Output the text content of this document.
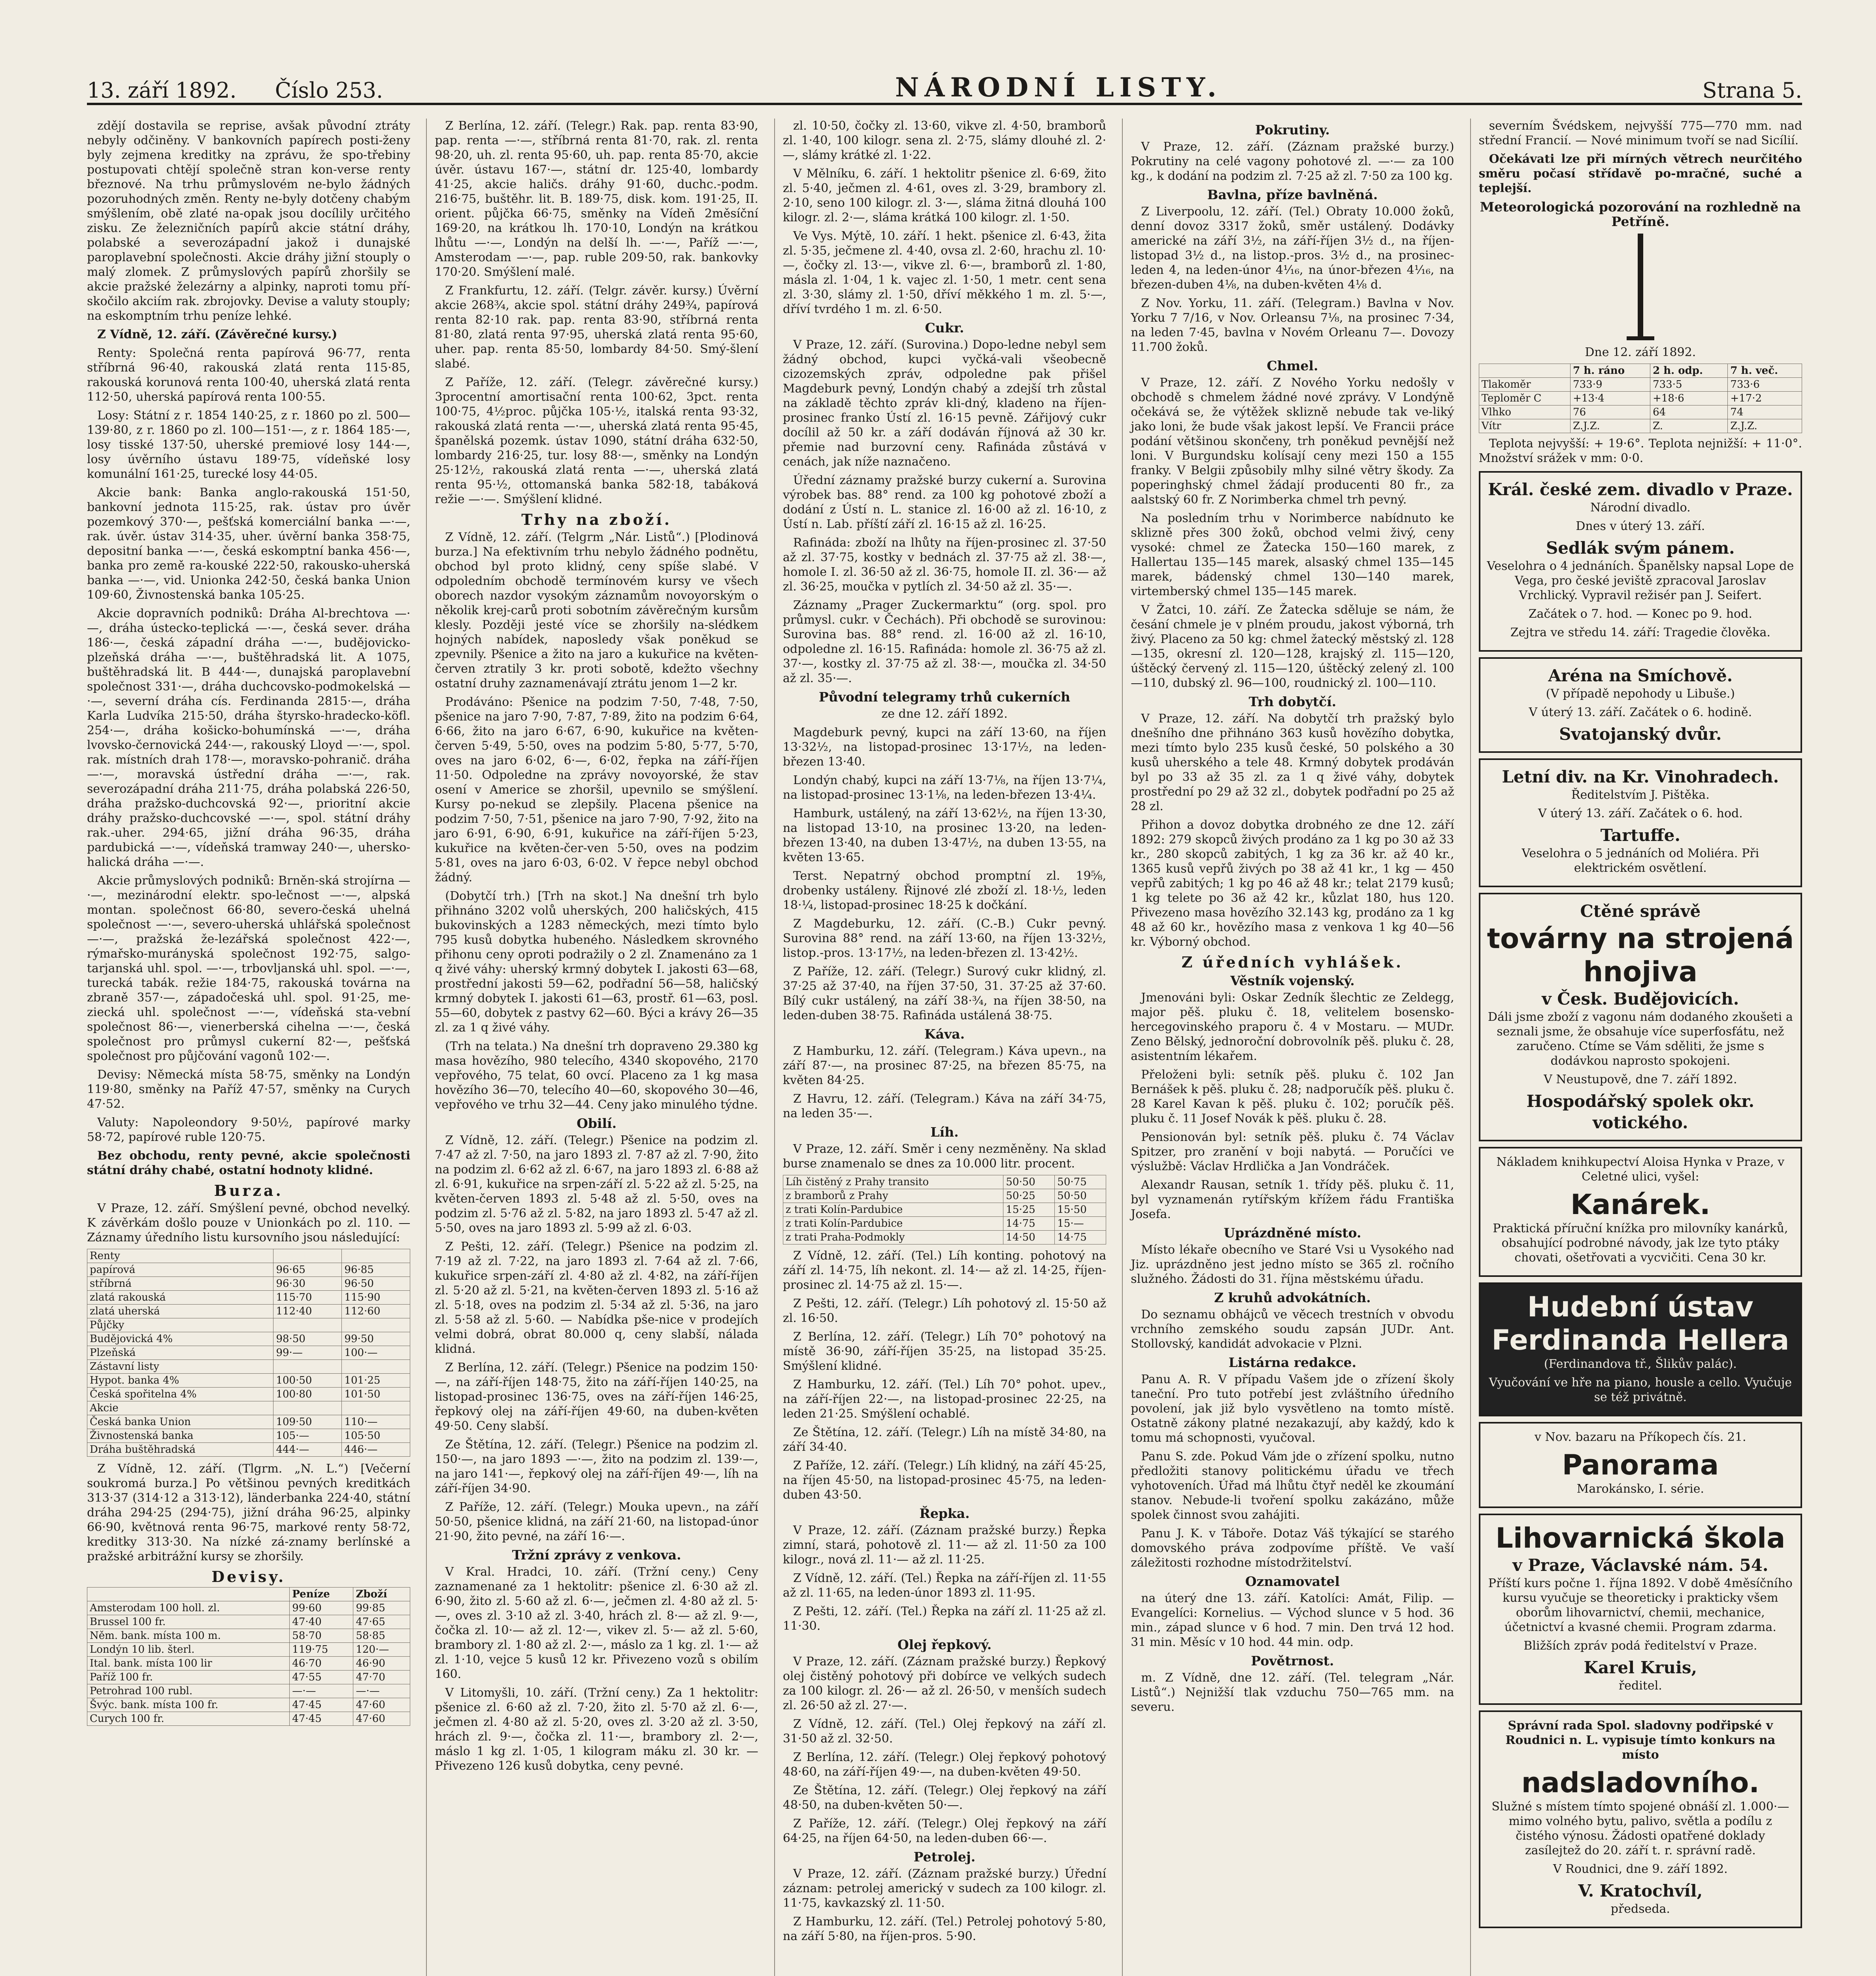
13. září 1892. Číslo 253.	NÁRODNÍ LISTY.	Strana 5.

zdějí dostavila se reprise, avšak původní ztráty nebyly odčiněny. V bankovních papírech posti-ženy byly zejmena kreditky na zprávu, že spo-třebiny postupovati chtějí společně stran kon-verse renty březnové. Na trhu průmyslovém ne-bylo žádných pozoruhodných změn. Renty ne-byly dotčeny chabým smýšlením, obě zlaté na-opak jsou docílily určitého zisku. Ze železničních papírů akcie státní dráhy, polabské a severozápadní jakož i dunajské paroplavební společnosti. Akcie dráhy jižní stouply o malý zlomek. Z průmyslových papírů zhoršily se akcie pražské železárny a alpinky, naproti tomu pří-skočilo akciím rak. zbrojovky. Devise a valuty stouply; na eskomptním trhu peníze lehké.

Z Vídně, 12. září. (Závěrečné kursy.)

Renty: Společná renta papírová 96·77, renta stříbrná 96·40, rakouská zlatá renta 115·85, rakouská korunová renta 100·40, uherská zlatá renta 112·50, uherská papírová renta 100·55.

Losy: Státní z r. 1854 140·25, z r. 1860 po zl. 500—139·80, z r. 1860 po zl. 100—151·—, z r. 1864 185·—, losy tisské 137·50, uherské premiové losy 144·—, losy úvěrního ústavu 189·75, vídeňské losy komunální 161·25, turecké losy 44·05.

Akcie bank: Banka anglo-rakouská 151·50, bankovní jednota 115·25, rak. ústav pro úvěr pozemkový 370·—, pešťská komerciální banka —·—, rak. úvěr. ústav 314·35, uher. úvěrní banka 358·75, depositní banka —·—, česká eskomptní banka 456·—, banka pro země ra-kouské 222·50, rakousko-uherská banka —·—, vid. Unionka 242·50, česká banka Union 109·60, Živnostenská banka 105·25.

Akcie dopravních podniků: Dráha Al-brechtova —·—, dráha ústecko-teplická —·—, česká sever. dráha 186·—, česká západní dráha —·—, budějovicko-plzeňská dráha —·—, buštěhradská lit. A 1075, buštěhradská lit. B 444·—, dunajská paroplavební společnost 331·—, dráha duchcovsko-podmokelská —·—, severní dráha cís. Ferdinanda 2815·—, dráha Karla Ludvíka 215·50, dráha štyrsko-hradecko-köfl. 254·—, dráha košicko-bohumínská —·—, dráha lvovsko-černovická 244·—, rakouský Lloyd —·—, spol. rak. místních drah 178·—, moravsko-pohranič. dráha —·—, moravská ústřední dráha —·—, rak. severozápadní dráha 211·75, dráha polabská 226·50, dráha pražsko-duchcovská 92·—, prioritní akcie dráhy pražsko-duchcovské —·—, spol. státní dráhy rak.-uher. 294·65, jižní dráha 96·35, dráha pardubická —·—, vídeňská tramway 240·—, uhersko-halická dráha —·—.

Akcie průmyslových podniků: Brněn-ská strojírna —·—, mezinárodní elektr. spo-lečnost —·—, alpská montan. společnost 66·80, severo-česká uhelná společnost —·—, severo-uherská uhlářská společnost —·—, pražská že-lezářská společnost 422·—, rýmařsko-murányská společnost 192·75, salgo-tarjanská uhl. spol. —·—, trbovljanská uhl. spol. —·—, turecká tabák. režie 184·75, rakouská továrna na zbraně 357·—, západočeská uhl. spol. 91·25, me-ziecká uhl. společnost —·—, vídeňská sta-vební společnost 86·—, vienerberská cihelna —·—, česká společnost pro průmysl cukerní 82·—, pešťská společnost pro půjčování vagonů 102·—.

Devisy: Německá místa 58·75, směnky na Londýn 119·80, směnky na Paříž 47·57, směnky na Curych 47·52.

Valuty: Napoleondory 9·50½, papírové marky 58·72, papírové ruble 120·75.

Bez obchodu, renty pevné, akcie společnosti státní dráhy chabé, ostatní hodnoty klidné.

Burza.

V Praze, 12. září. Smýšlení pevné, obchod nevelký. K závěrkám došlo pouze v Unionkách po zl. 110. — Záznamy úředního listu kursovního jsou následující:

Renty		
papírová	96·65	96·85
stříbrná	96·30	96·50
zlatá rakouská	115·70	115·90
zlatá uherská	112·40	112·60
Půjčky		
Budějovická 4%	98·50	99·50
Plzeňská	99·—	100·—
Zástavní listy		
Hypot. banka 4%	100·50	101·25
Česká spořitelna 4%	100·80	101·50
Akcie		
Česká banka Union	109·50	110·—
Živnostenská banka	105·—	105·50
Dráha buštěhradská	444·—	446·—

Z Vídně, 12. září. (Tlgrm. „N. L.“) [Večerní soukromá burza.] Po většinou pevných kreditkách 313·37 (314·12 a 313·12), länderbanka 224·40, státní dráha 294·25 (294·75), jižní dráha 96·25, alpinky 66·90, květnová renta 96·75, markové renty 58·72, kreditky 313·30. Na nízké zá-znamy berlínské a pražské arbitrážní kursy se zhoršily.

Devisy.
	Peníze	Zboží
Amsterodam 100 holl. zl.	99·60	99·85
Brussel 100 fr.	47·40	47·65
Něm. bank. místa 100 m.	58·70	58·85
Londýn 10 lib. šterl.	119·75	120·—
Ital. bank. místa 100 lir	46·70	46·90
Paříž 100 fr.	47·55	47·70
Petrohrad 100 rubl.	—·—	—·—
Švýc. bank. místa 100 fr.	47·45	47·60
Curych 100 fr.	47·45	47·60

Z Berlína, 12. září. (Telegr.) Rak. pap. renta 83·90, pap. renta —·—, stříbrná renta 81·70, rak. zl. renta 98·20, uh. zl. renta 95·60, uh. pap. renta 85·70, akcie úvěr. ústavu 167·—, státní dr. 125·40, lombardy 41·25, akcie haličs. dráhy 91·60, duchc.-podm. 216·75, buštěhr. lit. B. 189·75, disk. kom. 191·25, II. orient. půjčka 66·75, směnky na Vídeň 2měsíční 169·20, na krátkou lh. 170·10, Londýn na krátkou lhůtu —·—, Londýn na delší lh. —·—, Paříž —·—, Amsterodam —·—, pap. ruble 209·50, rak. bankovky 170·20. Smýšlení malé.

Z Frankfurtu, 12. září. (Telgr. závěr. kursy.) Úvěrní akcie 268¾, akcie spol. státní dráhy 249¾, papírová renta 82·10 rak. pap. renta 83·90, stříbrná renta 81·80, zlatá renta 97·95, uherská zlatá renta 95·60, uher. pap. renta 85·50, lombardy 84·50. Smý-šlení slabé.

Z Paříže, 12. září. (Telegr. závěrečné kursy.) 3procentní amortisační renta 100·62, 3pct. renta 100·75, 4½proc. půjčka 105·½, italská renta 93·32, rakouská zlatá renta —·—, uherská zlatá renta 95·45, španělská pozemk. ústav 1090, státní dráha 632·50, lombardy 216·25, tur. losy 88·—, směnky na Londýn 25·12½, rakouská zlatá renta —·—, uherská zlatá renta 95·½, ottomanská banka 582·18, tabáková režie —·—. Smýšlení klidné.

Trhy na zboží.

Z Vídně, 12. září. (Telgrm „Nár. Listů“.) [Plodinová burza.] Na efektivním trhu nebylo žádného podnětu, obchod byl proto klidný, ceny spíše slabé. V odpoledním obchodě termínovém kursy ve všech oborech nazdor vysokým záznamům novoyorským o několik krej-carů proti sobotním závěrečným kursům klesly. Později jesté více se zhoršily na-slédkem hojných nabídek, naposledy však poněkud se zpevnily. Pšenice a žito na jaro a kukuřice na květen-červen ztratily 3 kr. proti sobotě, kdežto všechny ostatní druhy zaznamenávají ztrátu jenom 1—2 kr.

Prodáváno: Pšenice na podzim 7·50, 7·48, 7·50, pšenice na jaro 7·90, 7·87, 7·89, žito na podzim 6·64, 6·66, žito na jaro 6·67, 6·90, kukuřice na květen-červen 5·49, 5·50, oves na podzim 5·80, 5·77, 5·70, oves na jaro 6·02, 6·—, 6·02, řepka na září-říjen 11·50. Odpoledne na zprávy novoyorské, že stav osení v Americe se zhoršil, upevnilo se smýšlení. Kursy po-nekud se zlepšily. Placena pšenice na podzim 7·50, 7·51, pšenice na jaro 7·90, 7·92, žito na jaro 6·91, 6·90, 6·91, kukuřice na září-říjen 5·23, kukuřice na květen-čer-ven 5·50, oves na podzim 5·81, oves na jaro 6·03, 6·02. V řepce nebyl obchod žádný.

(Dobytčí trh.) [Trh na skot.] Na dnešní trh bylo přihnáno 3202 volů uherských, 200 haličských, 415 bukovinských a 1283 německých, mezi tímto bylo 795 kusů dobytka hubeného. Následkem skrovného přihonu ceny oproti podražily o 2 zl. Znamenáno za 1 q živé váhy: uherský krmný dobytek I. jakosti 63—68, prostřední jakosti 59—62, podřadní 56—58, haličský krmný dobytek I. jakosti 61—63, prostř. 61—63, posl. 55—60, dobytek z pastvy 62—60. Býci a krávy 26—35 zl. za 1 q živé váhy.

(Trh na telata.) Na dnešní trh dopraveno 29.380 kg masa hovězího, 980 telecího, 4340 skopového, 2170 vepřového, 75 telat, 60 ovcí. Placeno za 1 kg masa hovězího 36—70, telecího 40—60, skopového 30—46, vepřového ve trhu 32—44. Ceny jako minulého týdne.

Obilí.

Z Vídně, 12. září. (Telegr.) Pšenice na podzim zl. 7·47 až zl. 7·50, na jaro 1893 zl. 7·87 až zl. 7·90, žito na podzim zl. 6·62 až zl. 6·67, na jaro 1893 zl. 6·88 až zl. 6·91, kukuřice na srpen-září zl. 5·22 až zl. 5·25, na květen-červen 1893 zl. 5·48 až zl. 5·50, oves na podzim zl. 5·76 až zl. 5·82, na jaro 1893 zl. 5·47 až zl. 5·50, oves na jaro 1893 zl. 5·99 až zl. 6·03.

Z Pešti, 12. září. (Telegr.) Pšenice na podzim zl. 7·19 až zl. 7·22, na jaro 1893 zl. 7·64 až zl. 7·66, kukuřice srpen-září zl. 4·80 až zl. 4·82, na září-říjen zl. 5·20 až zl. 5·21, na květen-červen 1893 zl. 5·16 až zl. 5·18, oves na podzim zl. 5·34 až zl. 5·36, na jaro zl. 5·58 až zl. 5·60. — Nabídka pše-nice v prodejích velmi dobrá, obrat 80.000 q, ceny slabší, nálada klidná.

Z Berlína, 12. září. (Telegr.) Pšenice na podzim 150·—, na září-říjen 148·75, žito na září-říjen 140·25, na listopad-prosinec 136·75, oves na září-říjen 146·25, řepkový olej na září-říjen 49·60, na duben-květen 49·50. Ceny slabší.

Ze Štětína, 12. září. (Telegr.) Pšenice na podzim zl. 150·—, na jaro 1893 —·—, žito na podzim zl. 139·—, na jaro 141·—, řepkový olej na září-říjen 49·—, líh na září-říjen 34·90.

Z Paříže, 12. září. (Telegr.) Mouka upevn., na září 50·50, pšenice klidná, na září 21·60, na listopad-únor 21·90, žito pevné, na září 16·—.

Tržní zprávy z venkova.

V Kral. Hradci, 10. září. (Tržní ceny.) Ceny zaznamenané za 1 hektolitr: pšenice zl. 6·30 až zl. 6·90, žito zl. 5·60 až zl. 6·—, ječmen zl. 4·80 až zl. 5·—, oves zl. 3·10 až zl. 3·40, hrách zl. 8·— až zl. 9·—, čočka zl. 10·— až zl. 12·—, vikev zl. 5·— až zl. 5·60, brambory zl. 1·80 až zl. 2·—, máslo za 1 kg. zl. 1·— až zl. 1·10, vejce 5 kusů 12 kr. Přivezeno vozů s obilím 160.

V Litomyšli, 10. září. (Tržní ceny.) Za 1 hektolitr: pšenice zl. 6·60 až zl. 7·20, žito zl. 5·70 až zl. 6·—, ječmen zl. 4·80 až zl. 5·20, oves zl. 3·20 až zl. 3·50, hrách zl. 9·—, čočka zl. 11·—, brambory zl. 2·—, máslo 1 kg zl. 1·05, 1 kilogram máku zl. 30 kr. — Přivezeno 126 kusů dobytka, ceny pevné.

zl. 10·50, čočky zl. 13·60, vikve zl. 4·50, bramborů zl. 1·40, 100 kilogr. sena zl. 2·75, slámy dlouhé zl. 2·—, slámy krátké zl. 1·22.

V Mělníku, 6. září. 1 hektolitr pšenice zl. 6·69, žito zl. 5·40, ječmen zl. 4·61, oves zl. 3·29, brambory zl. 2·10, seno 100 kilogr. zl. 3·—, sláma žitná dlouhá 100 kilogr. zl. 2·—, sláma krátká 100 kilogr. zl. 1·50.

Ve Vys. Mýtě, 10. září. 1 hekt. pšenice zl. 6·43, žita zl. 5·35, ječmene zl. 4·40, ovsa zl. 2·60, hrachu zl. 10·—, čočky zl. 13·—, vikve zl. 6·—, bramborů zl. 1·80, másla zl. 1·04, 1 k. vajec zl. 1·50, 1 metr. cent sena zl. 3·30, slámy zl. 1·50, dříví měkkého 1 m. zl. 5·—, dříví tvrdého 1 m. zl. 6·50.

Cukr.

V Praze, 12. září. (Surovina.) Dopo-ledne nebyl sem žádný obchod, kupci vyčká-vali všeobecně cizozemských zpráv, odpoledne pak přišel Magdeburk pevný, Londýn chabý a zdejší trh zůstal na základě těchto zpráv kli-dný, kladeno na říjen-prosinec franko Ústí zl. 16·15 pevně. Zářijový cukr docílil až 50 kr. a září dodáván říjnová až 30 kr. přemie nad burzovní ceny. Rafináda zůstává v cenách, jak níže naznačeno.

Úřední záznamy pražské burzy cukerní a. Surovina výrobek bas. 88° rend. za 100 kg pohotové zboží a dodání z Ústí n. L. stanice zl. 16·00 až zl. 16·10, z Ústí n. Lab. příští září zl. 16·15 až zl. 16·25.

Rafináda: zboží na lhůty na říjen-prosinec zl. 37·50 až zl. 37·75, kostky v bednách zl. 37·75 až zl. 38·—, homole I. zl. 36·50 až zl. 36·75, homole II. zl. 36·— až zl. 36·25, moučka v pytlích zl. 34·50 až zl. 35·—.

Záznamy „Prager Zuckermarktu“ (org. spol. pro průmysl. cukr. v Čechách). Při obchodě se surovinou: Surovina bas. 88° rend. zl. 16·00 až zl. 16·10, odpoledne zl. 16·15. Rafináda: homole zl. 36·75 až zl. 37·—, kostky zl. 37·75 až zl. 38·—, moučka zl. 34·50 až zl. 35·—.

Původní telegramy trhů cukerních

ze dne 12. září 1892.

Magdeburk pevný, kupci na září 13·60, na říjen 13·32½, na listopad-prosinec 13·17½, na leden-březen 13·40.

Londýn chabý, kupci na září 13·7⅛, na říjen 13·7¼, na listopad-prosinec 13·1⅛, na leden-březen 13·4¼.

Hamburk, ustálený, na září 13·62½, na říjen 13·30, na listopad 13·10, na prosinec 13·20, na leden-březen 13·40, na duben 13·47½, na duben 13·55, na květen 13·65.

Terst. Nepatrný obchod promptní zl. 19⅝, drobenky ustáleny. Řijnové zlé zboží zl. 18·½, leden 18·¼, listopad-prosinec 18·25 k dočkání.

Z Magdeburku, 12. září. (C.-B.) Cukr pevný. Surovina 88° rend. na září 13·60, na říjen 13·32½, listop.-pros. 13·17½, na leden-březen zl. 13·42½.

Z Paříže, 12. září. (Telegr.) Surový cukr klidný, zl. 37·25 až 37·40, na říjen 37·50, 31. 37·25 až 37·60. Bílý cukr ustálený, na září 38·¾, na říjen 38·50, na leden-duben 38·75. Rafináda ustálená 38·75.

Káva.

Z Hamburku, 12. září. (Telegram.) Káva upevn., na září 87·—, na prosinec 87·25, na březen 85·75, na květen 84·25.

Z Havru, 12. září. (Telegram.) Káva na září 34·75, na leden 35·—.

Líh.

V Praze, 12. září. Směr i ceny nezměněny. Na sklad burse znamenalo se dnes za 10.000 litr. procent.

Líh čistěný z Prahy transito	50·50	50·75
z bramborů z Prahy	50·25	50·50
z trati Kolín-Pardubice	15·25	15·50
z trati Kolín-Pardubice	14·75	15·—
z trati Praha-Podmokly	14·50	14·75

Z Vídně, 12. září. (Tel.) Líh konting. pohotový na září zl. 14·75, líh nekont. zl. 14·— až zl. 14·25, říjen-prosinec zl. 14·75 až zl. 15·—.

Z Pešti, 12. září. (Telegr.) Líh pohotový zl. 15·50 až zl. 16·50.

Z Berlína, 12. září. (Telegr.) Líh 70° pohotový na místě 36·90, září-říjen 35·25, na listopad 35·25. Smýšlení klidné.

Z Hamburku, 12. září. (Tel.) Líh 70° pohot. upev., na září-říjen 22·—, na listopad-prosinec 22·25, na leden 21·25. Smýšlení ochablé.

Ze Štětína, 12. září. (Telegr.) Líh na místě 34·80, na září 34·40.

Z Paříže, 12. září. (Telegr.) Líh klidný, na září 45·25, na říjen 45·50, na listopad-prosinec 45·75, na leden-duben 43·50.

Řepka.

V Praze, 12. září. (Záznam pražské burzy.) Řepka zimní, stará, pohotově zl. 11·— až zl. 11·50 za 100 kilogr., nová zl. 11·— až zl. 11·25.

Z Vídně, 12. září. (Tel.) Řepka na září-říjen zl. 11·55 až zl. 11·65, na leden-únor 1893 zl. 11·95.

Z Pešti, 12. září. (Tel.) Řepka na září zl. 11·25 až zl. 11·30.

Olej řepkový.

V Praze, 12. září. (Záznam pražské burzy.) Řepkový olej čistěný pohotový při dobírce ve velkých sudech za 100 kilogr. zl. 26·— až zl. 26·50, v menších sudech zl. 26·50 až zl. 27·—.

Z Vídně, 12. září. (Tel.) Olej řepkový na září zl. 31·50 až zl. 32·50.

Z Berlína, 12. září. (Telegr.) Olej řepkový pohotový 48·60, na září-říjen 49·—, na duben-květen 49·50.

Ze Štětína, 12. září. (Telegr.) Olej řepkový na září 48·50, na duben-květen 50·—.

Z Paříže, 12. září. (Telegr.) Olej řepkový na září 64·25, na říjen 64·50, na leden-duben 66·—.

Petrolej.

V Praze, 12. září. (Záznam pražské burzy.) Úřední záznam: petrolej americký v sudech za 100 kilogr. zl. 11·75, kavkazský zl. 11·50.

Z Hamburku, 12. září. (Tel.) Petrolej pohotový 5·80, na září 5·80, na říjen-pros. 5·90.

Pokrutiny.

V Praze, 12. září. (Záznam pražské burzy.) Pokrutiny na celé vagony pohotové zl. —·— za 100 kg., k dodání na podzim zl. 7·25 až zl. 7·50 za 100 kg.

Bavlna, příze bavlněná.

Z Liverpoolu, 12. září. (Tel.) Obraty 10.000 žoků, denní dovoz 3317 žoků, směr ustálený. Dodávky americké na září 3½, na září-říjen 3½ d., na říjen-listopad 3½ d., na listop.-pros. 3½ d., na prosinec-leden 4, na leden-únor 4⅟₁₆, na únor-březen 4⅟₁₆, na březen-duben 4⅛, na duben-květen 4⅛ d.

Z Nov. Yorku, 11. září. (Telegram.) Bavlna v Nov. Yorku 7 7/16, v Nov. Orleansu 7⅛, na prosinec 7·34, na leden 7·45, bavlna v Novém Orleanu 7—. Dovozy 11.700 žoků.

Chmel.

V Praze, 12. září. Z Nového Yorku nedošly v obchodě s chmelem žádné nové zprávy. V Londýně očekává se, že výtěžek sklizně nebude tak ve-liký jako loni, že bude však jakost lepší. Ve Francii práce podání většinou skončeny, trh poněkud pevnější než loni. V Burgundsku kolísají ceny mezi 150 a 155 franky. V Belgii způsobily mlhy silné větry škody. Za poperinghský chmel žádají producenti 80 fr., za aalstský 60 fr. Z Norimberka chmel trh pevný.

Na posledním trhu v Norimberce nabídnuto ke sklizně přes 300 žoků, obchod velmi živý, ceny vysoké: chmel ze Žatecka 150—160 marek, z Hallertau 135—145 marek, alsaský chmel 135—145 marek, bádenský chmel 130—140 marek, virtemberský chmel 135—145 marek.

V Žatci, 10. září. Ze Žatecka sděluje se nám, že česání chmele je v plném proudu, jakost výborná, trh živý. Placeno za 50 kg: chmel žatecký městský zl. 128—135, okresní zl. 120—128, krajský zl. 115—120, úštěcký červený zl. 115—120, úštěcký zelený zl. 100—110, dubský zl. 96—100, roudnický zl. 100—110.

Trh dobytčí.

V Praze, 12. září. Na dobytčí trh pražský bylo dnešního dne přihnáno 363 kusů hovězího dobytka, mezi tímto bylo 235 kusů české, 50 polského a 30 kusů uherského a tele 48. Krmný dobytek prodáván byl po 33 až 35 zl. za 1 q živé váhy, dobytek prostřední po 29 až 32 zl., dobytek podřadní po 25 až 28 zl.

Přihon a dovoz dobytka drobného ze dne 12. září 1892: 279 skopců živých prodáno za 1 kg po 30 až 33 kr., 280 skopců zabitých, 1 kg za 36 kr. až 40 kr., 1365 kusů vepřů živých po 38 až 41 kr., 1 kg — 450 vepřů zabitých; 1 kg po 46 až 48 kr.; telat 2179 kusů; 1 kg telete po 36 až 42 kr., kůzlat 180, hus 120. Přivezeno masa hovězího 32.143 kg, prodáno za 1 kg 48 až 60 kr., hovězího masa z venkova 1 kg 40—56 kr. Výborný obchod.

Z úředních vyhlášek.
Věstník vojenský.

Jmenováni byli: Oskar Zedník šlechtic ze Zeldegg, major pěš. pluku č. 18, velitelem bosensko-hercegovinského praporu č. 4 v Mostaru. — MUDr. Zeno Bělský, jednoroční dobrovolník pěš. pluku č. 28, asistentním lékařem.

Přeloženi byli: setník pěš. pluku č. 102 Jan Bernášek k pěš. pluku č. 28; nadporučík pěš. pluku č. 28 Karel Kavan k pěš. pluku č. 102; poručík pěš. pluku č. 11 Josef Novák k pěš. pluku č. 28.

Pensionován byl: setník pěš. pluku č. 74 Václav Spitzer, pro zranění v boji nabytá. — Poručíci ve výslužbě: Václav Hrdlička a Jan Vondráček.

Alexandr Rausan, setník 1. třídy pěš. pluku č. 11, byl vyznamenán rytířským křížem řádu Františka Josefa.

Uprázdněné místo.

Místo lékaře obecního ve Staré Vsi u Vysokého nad Jiz. uprázdněno jest jedno místo se 365 zl. ročního služného. Žádosti do 31. října městskému úřadu.

Z kruhů advokátních.

Do seznamu obhájců ve věcech trestních v obvodu vrchního zemského soudu zapsán JUDr. Ant. Stollovský, kandidát advokacie v Plzni.

Listárna redakce.

Panu A. R. V případu Vašem jde o zřízení školy taneční. Pro tuto potřebí jest zvláštního úředního povolení, jak již bylo vysvětleno na tomto místě. Ostatně zákony platné nezakazují, aby každý, kdo k tomu má schopnosti, vyučoval.

Panu S. zde. Pokud Vám jde o zřízení spolku, nutno předložiti stanovy politickému úřadu ve třech vyhotoveních. Úřad má lhůtu čtyř neděl ke zkoumání stanov. Nebude-li tvoření spolku zakázáno, může spolek činnost svou zahájiti.

Panu J. K. v Táboře. Dotaz Váš týkající se starého domovského práva zodpovíme příště. Ve vaší záležitosti rozhodne místodržitelství.

Oznamovatel

na úterý dne 13. září. Katolíci: Amát, Filip. — Evangelíci: Kornelius. — Východ slunce v 5 hod. 36 min., západ slunce v 6 hod. 7 min. Den trvá 12 hod. 31 min. Měsíc v 10 hod. 44 min. odp.

Povětrnost.

m. Z Vídně, dne 12. září. (Tel. telegram „Nár. Listů“.) Nejnižší tlak vzduchu 750—765 mm. na severu.

severním Švédskem, nejvyšší 775—770 mm. nad střední Francií. — Nové minimum tvoří se nad Sicílií.

Očekávati lze při mírných větrech neurčitého směru počasí střídavě po-mračné, suché a teplejší.

Meteorologická pozorování na rozhledně na Petříně.

Dne 12. září 1892.

	7 h. ráno	2 h. odp.	7 h. več.
Tlakoměr	733·9	733·5	733·6
Teploměr C	+13·4	+18·6	+17·2
Vlhko	76	64	74
Vítr	Z.J.Z.	Z.	Z.J.Z.

Teplota nejvyšší: + 19·6°. Teplota nejnižší: + 11·0°. Množství srážek v mm: 0·0.

Král. české zem. divadlo v Praze.

Národní divadlo.

Dnes v úterý 13. září.

Sedlák svým pánem.

Veselohra o 4 jednáních. Španělsky napsal Lope de Vega, pro české jeviště zpracoval Jaroslav Vrchlický. Vypravil režisér pan J. Seifert.

Začátek o 7. hod. — Konec po 9. hod.

Zejtra ve středu 14. září: Tragedie člověka.

Aréna na Smíchově.

(V případě nepohody u Libuše.)

V úterý 13. září. Začátek o 6. hodině.

Svatojanský dvůr.
Letní div. na Kr. Vinohradech.

Ředitelstvím J. Pištěka.

V úterý 13. září. Začátek o 6. hod.

Tartuffe.

Veselohra o 5 jednáních od Moliéra. Při elektrickém osvětlení.

Ctěné správě
továrny na strojená hnojiva
v Česk. Budějovicích.

Dáli jsme zboží z vagonu nám dodaného zkoušeti a seznali jsme, že obsahuje více superfosfátu, než zaručeno. Ctíme se Vám sděliti, že jsme s dodávkou naprosto spokojeni.

V Neustupově, dne 7. září 1892.

Hospodářský spolek okr. votického.

Nákladem knihkupectví Aloisa Hynka v Praze, v Celetné ulici, vyšel:

Kanárek.

Praktická příruční knížka pro milovníky kanárků, obsahující podrobné návody, jak lze tyto ptáky chovati, ošetřovati a vycvičiti. Cena 30 kr.

Hudební ústav
Ferdinanda Hellera

(Ferdinandova tř., Šlikův palác).

Vyučování ve hře na piano, housle a cello. Vyučuje se též privátně.

v Nov. bazaru na Příkopech čís. 21.

Panorama

Marokánsko, I. série.

Lihovarnická škola
v Praze, Václavské nám. 54.

Příští kurs počne 1. října 1892. V době 4měsíčního kursu vyučuje se theoreticky i prakticky všem oborům lihovarnictví, chemii, mechanice, účetnictví a kvasné chemii. Program zdarma.

Bližších zpráv podá ředitelství v Praze.

Karel Kruis,

ředitel.

Správní rada Spol. sladovny podřipské v Roudnici n. L. vypisuje tímto konkurs na místo

nadsladovního.

Služné s místem tímto spojené obnáší zl. 1.000·— mimo volného bytu, palivo, světla a podílu z čistého výnosu. Žádosti opatřené doklady zasílejtež do 20. září t. r. správní radě.

V Roudnici, dne 9. září 1892.

V. Kratochvíl,

předseda.
